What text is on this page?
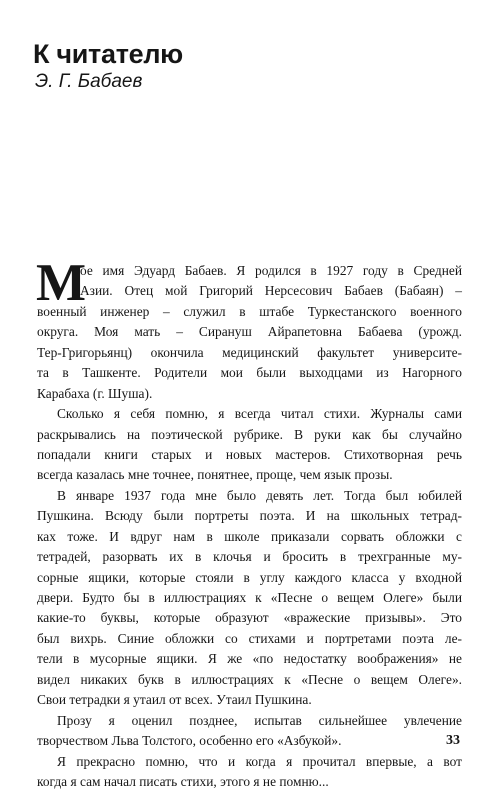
К читателю

Э. Г. Бабаев

М

ое имя Эдуард Бабаев. Я родился в 1927 году в Средней
Азии. Отец мой Григорий Нерсесович Бабаев (Бабаян) –
военный инженер – служил в штабе Туркестанского военного
округа. Моя мать – Сирануш Айрапетовна Бабаева (урожд.
Тер-Григорьянц) окончила медицинский факультет университе-
та в Ташкенте. Родители мои были выходцами из Нагорного
Карабаха (г. Шуша).

Сколько я себя помню, я всегда читал стихи. Журналы сами
раскрывались на поэтической рубрике. В руки как бы случайно
попадали книги старых и новых мастеров. Стихотворная речь
всегда казалась мне точнее, понятнее, проще, чем язык прозы.

В январе 1937 года мне было девять лет. Тогда был юбилей
Пушкина. Всюду были портреты поэта. И на школьных тетрад-
ках тоже. И вдруг нам в школе приказали сорвать обложки с
тетрадей, разорвать их в клочья и бросить в трехгранные му-
сорные ящики, которые стояли в углу каждого класса у входной
двери. Будто бы в иллюстрациях к «Песне о вещем Олеге» были
какие-то буквы, которые образуют «вражеские призывы». Это
был вихрь. Синие обложки со стихами и портретами поэта ле-
тели в мусорные ящики. Я же «по недостатку воображения» не
видел никаких букв в иллюстрациях к «Песне о вещем Олеге».
Свои тетрадки я утаил от всех. Утаил Пушкина.

Прозу я оценил позднее, испытав сильнейшее увлечение
творчеством Льва Толстого, особенно его «Азбукой».

Я прекрасно помню, что и когда я прочитал впервые, а вот
когда я сам начал писать стихи, этого я не помню...

33
